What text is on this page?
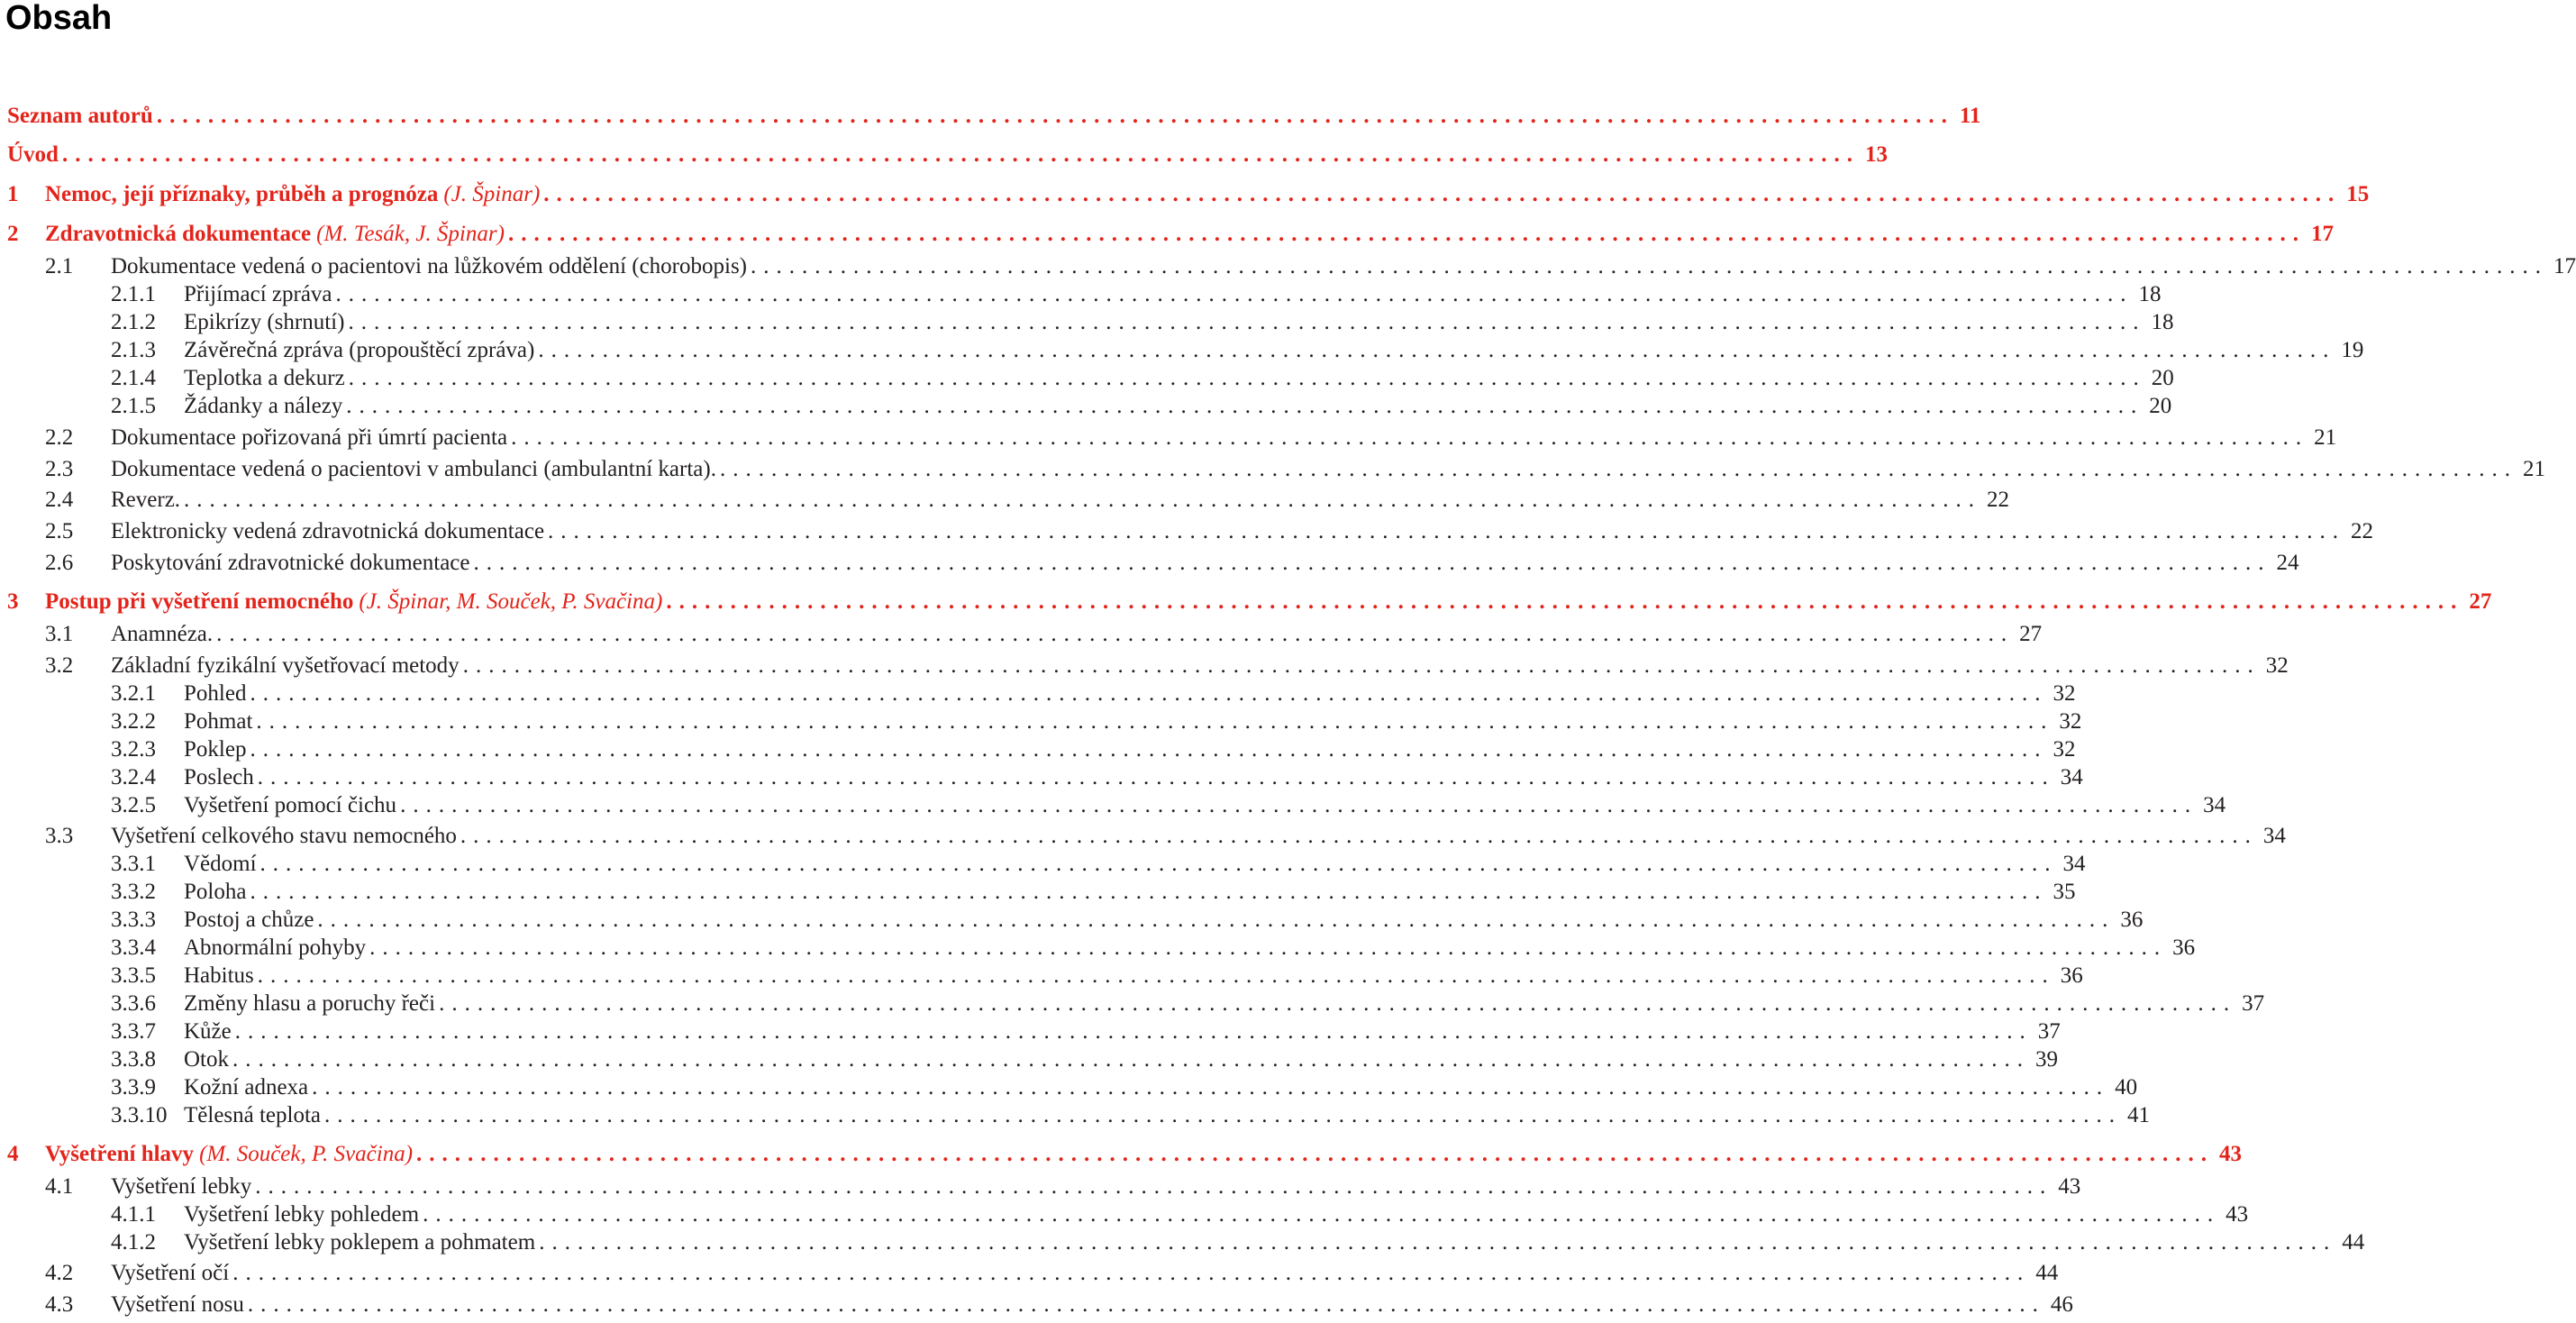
Obsah
Seznam autorů ............................................................................................................................................ 11
Úvod ............................................................................................................................................ 13
1 Nemoc, její příznaky, průběh a prognóza (J. Špinar) ............................................................................................................................................ 15
2 Zdravotnická dokumentace (M. Tesák, J. Špinar) ............................................................................................................................................ 17
2.1 Dokumentace vedená o pacientovi na lůžkovém oddělení (chorobopis) ............................................................................................................................................ 17
2.1.1 Přijímací zpráva ............................................................................................................................................ 18
2.1.2 Epikrízy (shrnutí) ............................................................................................................................................ 18
2.1.3 Závěrečná zpráva (propouštěcí zpráva) ............................................................................................................................................ 19
2.1.4 Teplotka a dekurz ............................................................................................................................................ 20
2.1.5 Žádanky a nálezy ............................................................................................................................................ 20
2.2 Dokumentace pořizovaná při úmrtí pacienta ............................................................................................................................................ 21
2.3 Dokumentace vedená o pacientovi v ambulanci (ambulantní karta). ............................................................................................................................................ 21
2.4 Reverz. ............................................................................................................................................ 22
2.5 Elektronicky vedená zdravotnická dokumentace ............................................................................................................................................ 22
2.6 Poskytování zdravotnické dokumentace ............................................................................................................................................ 24
3 Postup při vyšetření nemocného (J. Špinar, M. Souček, P. Svačina) ............................................................................................................................................ 27
3.1 Anamnéza. ............................................................................................................................................ 27
3.2 Základní fyzikální vyšetřovací metody ............................................................................................................................................ 32
3.2.1 Pohled ............................................................................................................................................ 32
3.2.2 Pohmat ............................................................................................................................................ 32
3.2.3 Poklep ............................................................................................................................................ 32
3.2.4 Poslech ............................................................................................................................................ 34
3.2.5 Vyšetření pomocí čichu ............................................................................................................................................ 34
3.3 Vyšetření celkového stavu nemocného ............................................................................................................................................ 34
3.3.1 Vědomí ............................................................................................................................................ 34
3.3.2 Poloha ............................................................................................................................................ 35
3.3.3 Postoj a chůze ............................................................................................................................................ 36
3.3.4 Abnormální pohyby ............................................................................................................................................ 36
3.3.5 Habitus ............................................................................................................................................ 36
3.3.6 Změny hlasu a poruchy řeči ............................................................................................................................................ 37
3.3.7 Kůže ............................................................................................................................................ 37
3.3.8 Otok ............................................................................................................................................ 39
3.3.9 Kožní adnexa ............................................................................................................................................ 40
3.3.10 Tělesná teplota ............................................................................................................................................ 41
4 Vyšetření hlavy (M. Souček, P. Svačina) ............................................................................................................................................ 43
4.1 Vyšetření lebky ............................................................................................................................................ 43
4.1.1 Vyšetření lebky pohledem ............................................................................................................................................ 43
4.1.2 Vyšetření lebky poklepem a pohmatem ............................................................................................................................................ 44
4.2 Vyšetření očí ............................................................................................................................................ 44
4.3 Vyšetření nosu ............................................................................................................................................ 46
